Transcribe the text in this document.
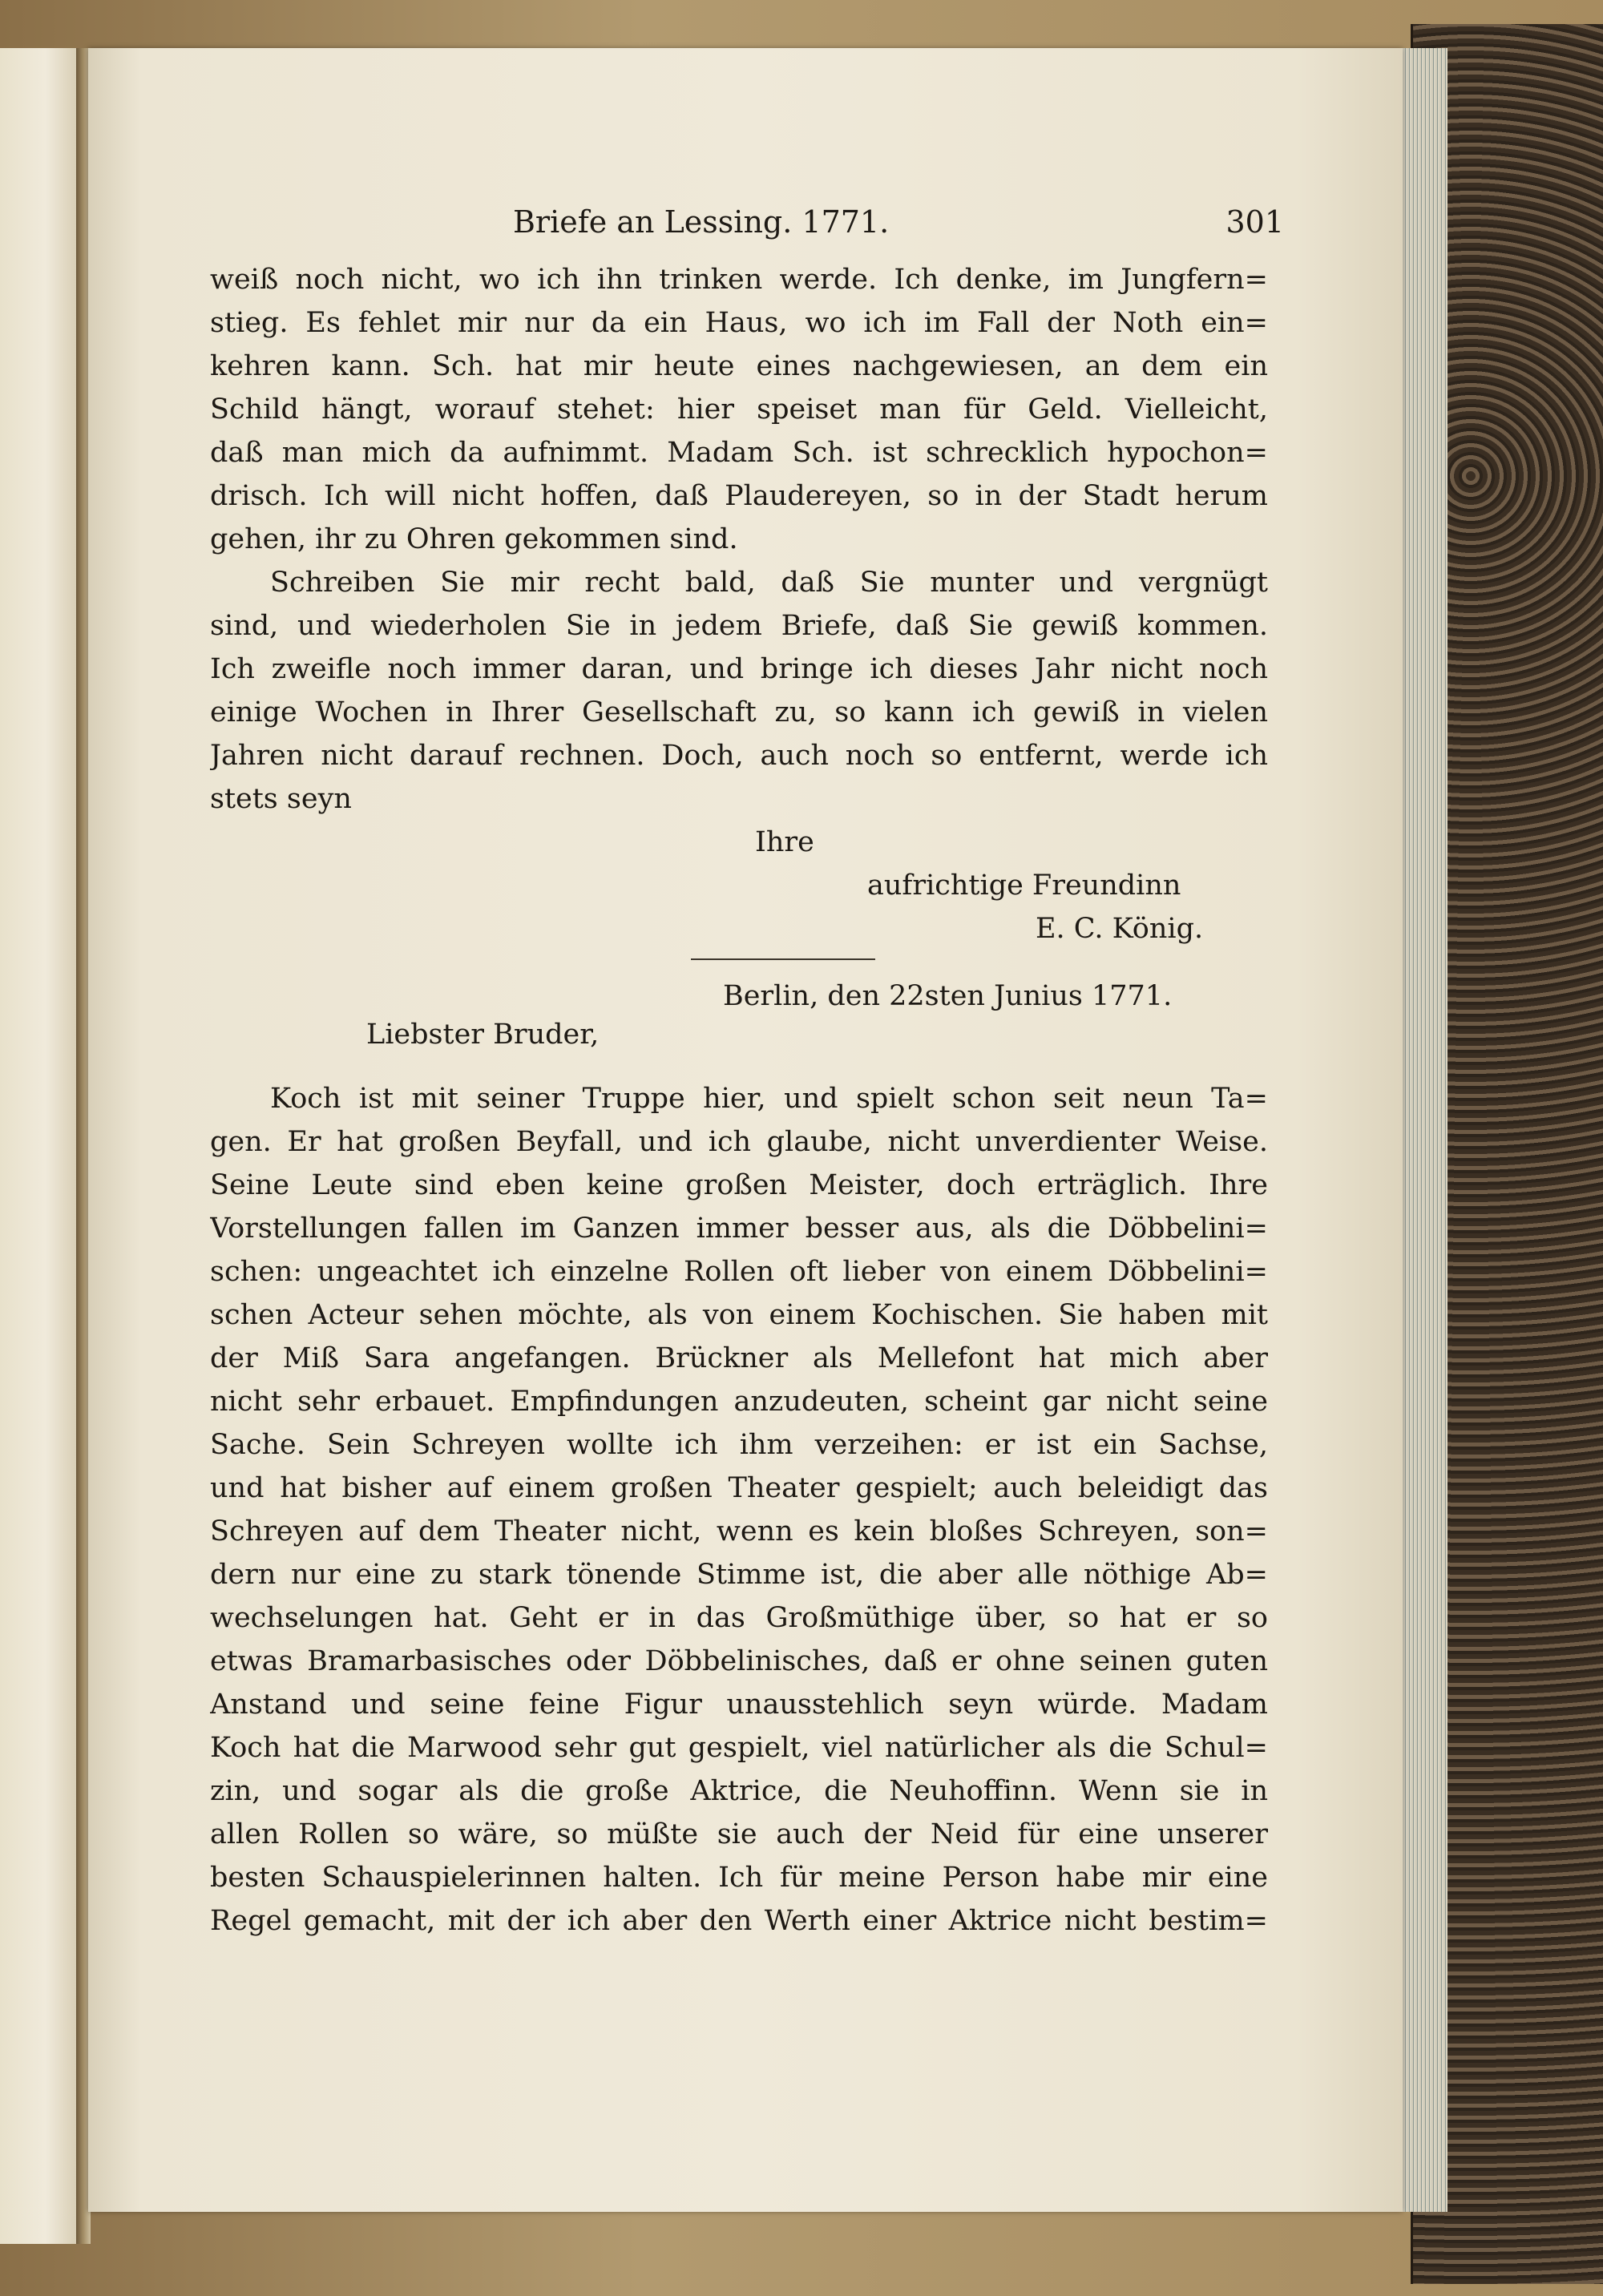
Briefe an Lessing. 1771.	301
weiß noch nicht, wo ich ihn trinken werde. Ich denke, im Jungfern=
stieg. Es fehlet mir nur da ein Haus, wo ich im Fall der Noth ein=
kehren kann. Sch. hat mir heute eines nachgewiesen, an dem ein
Schild hängt, worauf stehet: hier speiset man für Geld. Vielleicht,
daß man mich da aufnimmt. Madam Sch. ist schrecklich hypochon=
drisch. Ich will nicht hoffen, daß Plaudereyen, so in der Stadt herum
gehen, ihr zu Ohren gekommen sind.
Schreiben Sie mir recht bald, daß Sie munter und vergnügt
sind, und wiederholen Sie in jedem Briefe, daß Sie gewiß kommen.
Ich zweifle noch immer daran, und bringe ich dieses Jahr nicht noch
einige Wochen in Ihrer Gesellschaft zu, so kann ich gewiß in vielen
Jahren nicht darauf rechnen. Doch, auch noch so entfernt, werde ich
stets seyn
Ihre
aufrichtige Freundinn
E. C. König.
Berlin, den 22sten Junius 1771.
Liebster Bruder,
Koch ist mit seiner Truppe hier, und spielt schon seit neun Ta=
gen. Er hat großen Beyfall, und ich glaube, nicht unverdienter Weise.
Seine Leute sind eben keine großen Meister, doch erträglich. Ihre
Vorstellungen fallen im Ganzen immer besser aus, als die Döbbelini=
schen: ungeachtet ich einzelne Rollen oft lieber von einem Döbbelini=
schen Acteur sehen möchte, als von einem Kochischen. Sie haben mit
der Miß Sara angefangen. Brückner als Mellefont hat mich aber
nicht sehr erbauet. Empfindungen anzudeuten, scheint gar nicht seine
Sache. Sein Schreyen wollte ich ihm verzeihen: er ist ein Sachse,
und hat bisher auf einem großen Theater gespielt; auch beleidigt das
Schreyen auf dem Theater nicht, wenn es kein bloßes Schreyen, son=
dern nur eine zu stark tönende Stimme ist, die aber alle nöthige Ab=
wechselungen hat. Geht er in das Großmüthige über, so hat er so
etwas Bramarbasisches oder Döbbelinisches, daß er ohne seinen guten
Anstand und seine feine Figur unausstehlich seyn würde. Madam
Koch hat die Marwood sehr gut gespielt, viel natürlicher als die Schul=
zin, und sogar als die große Aktrice, die Neuhoffinn. Wenn sie in
allen Rollen so wäre, so müßte sie auch der Neid für eine unserer
besten Schauspielerinnen halten. Ich für meine Person habe mir eine
Regel gemacht, mit der ich aber den Werth einer Aktrice nicht bestim=
